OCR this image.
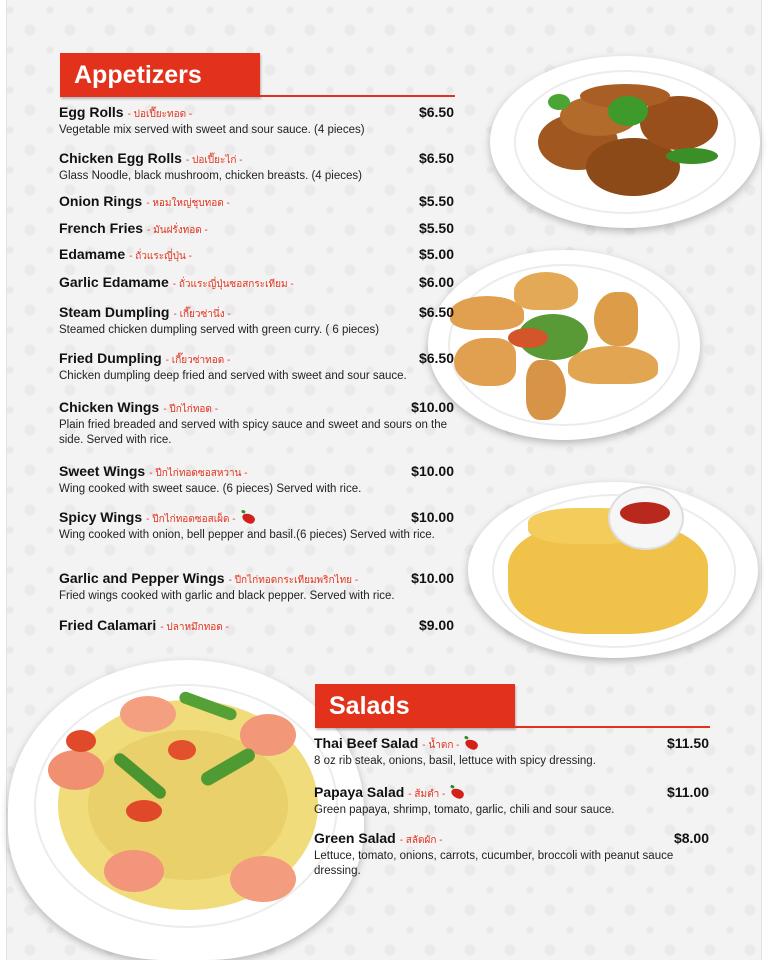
Appetizers
Egg Rolls - ปอเปี๊ยะทอด -	$6.50
Vegetable mix served with sweet and sour sauce. (4 pieces)
Chicken Egg Rolls - ปอเปี๊ยะไก่ -	$6.50
Glass Noodle, black mushroom, chicken breasts. (4 pieces)
Onion Rings - หอมใหญ่ชุบทอด -	$5.50
French Fries - มันฝรั่งทอด -	$5.50
Edamame - ถั่วแระญี่ปุ่น -	$5.00
Garlic Edamame - ถั่วแระญี่ปุ่นซอสกระเทียม -	$6.00
Steam Dumpling - เกี๊ยวซ่านึ่ง -	$6.50
Steamed chicken dumpling served with green curry. ( 6 pieces)
Fried Dumpling - เกี๊ยวซ่าทอด -	$6.50
Chicken dumpling deep fried and served with sweet and sour sauce.
Chicken Wings - ปีกไก่ทอด -	$10.00
Plain fried breaded and served with spicy sauce and sweet and sours on the side. Served with rice.
Sweet Wings - ปีกไก่ทอดซอสหวาน -	$10.00
Wing cooked with sweet sauce. (6 pieces) Served with rice.
Spicy Wings - ปีกไก่ทอดซอสเผ็ด -	$10.00
Wing cooked with onion, bell pepper and basil.(6 pieces) Served with rice.
Garlic and Pepper Wings - ปีกไก่ทอดกระเทียมพริกไทย -	$10.00
Fried wings cooked with garlic and black pepper. Served with rice.
Fried Calamari - ปลาหมึกทอด -	$9.00
Salads
Thai Beef Salad - น้ำตก -	$11.50
8 oz rib steak, onions, basil, lettuce with spicy dressing.
Papaya Salad - ส้มตำ -	$11.00
Green papaya, shrimp, tomato, garlic, chili and sour sauce.
Green Salad - สลัดผัก -	$8.00
Lettuce, tomato, onions, carrots, cucumber, broccoli with peanut sauce dressing.
